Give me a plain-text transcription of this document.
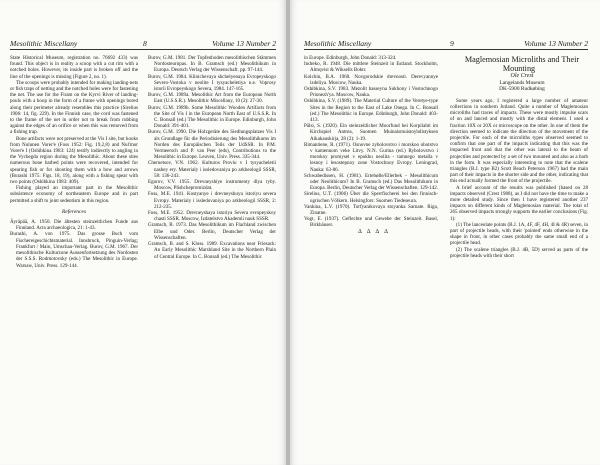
Mesolithic Miscellany	8	Volume 13 Number 2

State Historical Museum, registration no. 76692 433) was found. This object is in reality a scoop with a cut rim with a notched holes. However, its inside part is broken off and the line of the openings is missing (Figure 2, no. 1).

The scoops were probably intended for making landing-nets or fish traps of netting and the notched holes were for fastening the net. The use for the Firam on the Kyrvi River of landing-pouls with a hoop in the form of a frame with openings bored along their perimeter already resembles this practice (Sirelius 1906: 14, fig. 229). In the Finnish case, the cord was fastened to the frame of the net in order not to break from rubbing against the edges of an orifice or when this was removed from a fishing trap.

Bone artifacts were not preserved at the Vis I site, but hooks from Nulunen Vorer'e (Foss 1952: Fig. 19,2,8) and Nul'mor Vorer'e I (Oshibkina 1983: 124) testify indirectly to angling in the Vychegda region during the Mesolithic. About these sites numerous bone barbed points were recovered, intended for spearing fish or for shooting them with a bow and arrows (Burashi 1975: Figs. 18, 19), along with a fishing spear with two points (Oshibkina 1983: 409).

Fishing played an important part in the Mesolithic subsistence economy of northeastern Europe and in part permitted a shift to joint sedentism in this region.

References

Äyräpää, A. 1950. Die ältesten steinzeitlichen Funde aus Finnland. Acta archaeologica, 21: 1-43.

Burashi, A. von 1975. Das grosse Buch vom Fischereigeschichtsmaterial. Innsbruck, Pinguin-Verlag; Frankfurt / Main, Umschau-Verlag. Burov, G.M. 1967. Der mesolithische Kulturzone Aussenfortsetzung des Nordosten der S.S.S. Rodmotovsky (eds.) The Mesolithic in Europe. Warsaw, Univ. Press. 129-144.

Burov, G.M. 1981. Der Topfenboden mesolithischen Stämmen Nordosteuropas. In B. Gramsch (ed.) Mesolithikum in Europa. Deutsch Verlag der Wissenschaft. pp. 97-144.

Burov, G.M. 1984. Klinichevaya shchelyenaya Evropeyskogo Severo-Vostoka v neolite I tysyacheletiya n.e. Voprosy istorii Evropeyskogo Severa, 1984. 147-165.

Burov, G.M. 1989a. Mesolithic Art from the European North East (U.S.S.R.). Mesolithic Miscellany, 10 (2): 27-30.

Burov, G.M. 1989b. Some Mesolithic Wooden Artifacts from the Site of Vis I in the European North East of U.S.S.R. In C. Bonsall (ed.) The Mesolithic in Europe. Edinburgh, John Donald: 391-401.

Burov, G.M. 1990. Die Holzgeräte des Siedlungsplatzes Vis I als Grundlage für die Periodisierung des Mesolithikums im Norden des Europäischen Teils der UdSSR. In P.M. Vermeersch and P. van Peer (eds), Contributions to the Mesolithic in Europe. Leuven, Univ. Press. 335-344.

Chernetsov, V.N. 1962. Kulturos Proviu v I tysyacheletii nashey ery. Materialy i issledovaniya po arkheologii SSSR, 58: 136-243.

Egorov, V.V. 1955. Drevneyshiye instrumenty dlya ryby. Moscow, Plishchepromizdat.

Foss, M.E. 1941. Kostyanye i drevneyshuyu istoriyu severa Evropy. Materialy i issledovaniya po arkheologii SSSR, 2: 212-235.

Foss, M.E. 1952. Drevneyshaya istoriya Severa evropeyskoy chasti SSSR. Moscow, Izdatelstvo Akademii nauk SSSR.

Gramsch, B. 1973. Das Mesolithikum im Flachland zwischen Elbe und Oder. Berlin, Deutscher Verlag der Wissenschaften.

Gramsch, B. and S. Kloss. 1989. Excavations near Friesack: An Early Mesolithic Marshland Site in the Northern Plain of Central Europe. In C. Bonsall (ed.) The Mesolithic

Mesolithic Miscellany	9	Volume 13 Number 2

in Europe. Edinburgh, John Donald: 313-324.

Indreko, R. 1948. Die mittlere Steinzeit in Estland. Stockholm, Almqvist & Wiksells Boktr.

Kolchin, B.A. 1968. Novgorodskie drevnosti. Derevyannye izdeliya. Moscow, Nauka.

Oshibkina, S.V. 1983. Mezolit basseyna Sukhony i Vostochnogo Prionezh'ya. Moscow, Nauka.

Oshibkina, S.V. (1989). The Material Culture of the Veretye-type Sites in the Region to the East of Lake Onega. In C. Bonsall (ed.) The Mesolithic in Europe. Edinburgh, John Donald: 403-413.

Pälsi, S. (1920). Ein steinzeitlicher Moorfund bei Korpilahti im Kirchspiel Antrea, Suomen Muinaismuistoyhdistyksen Aikakauskirja, 28 (2): 1-19.

Rimantiene, R. (1971). Osnovne zybolovstvo i morskoo ohotstvo v kamennom veke Litvy. N.N. Gurina (ed.) Rybolovstvo i morskoy promysel v epokhu neolita - tamnego metalla v lesnoy i lesostepnoy zone Vostochnoy Evropy. Leningrad, Nauka: 63-86.

Schwabedissen, H. (1981). Ertebølle/Ellerbek - Mesolithicum oder Neolithicum? In B. Gramsch (ed.) Das Mesolithikum in Europa. Berlin, Deutscher Verlag der Wissenschaften. 129-142.

Sirelius, U.T. (1906) Über die Sperrfischerei bei den finnisch-ugrischen Völkern. Helsingfors: Suomen Tiedeseura.

Vankina, L.V. (1970). Torfyanikovaya stoyanka Sarnate. Riga, Zinatne.

Vogt, E. (1937). Geflechte und Gewebe der Steinzeit. Basel, Birkhäuser.

Δ Δ Δ Δ

Maglemosian Microliths and Their Mounting

Ole Crest

Langelands Museum

DK-5900 Rudkøbing

Some years ago, I registered a large number of amateur collections in southern Jutland. Quite a number of Maglemosian microliths had traces of impacts. These were mostly impulse scars of on and lanced and mostly with the distal element. I used a fraction 10X or 20X or microscope on the other. In one of them the direction seemed to indicate the direction of the movement of the projectile. For each of the microliths types observed seemed to confirm that one part of the impacts indicating that this was the impacted front and that the other was lateral to the beam of projectiles and protected by a set of two mounted and also as a barb in the form. It was especially interesting to note that the scalene triangles (B.J. type B2) Scott Beach Peterson 1967) had the main part of their impacts in the shorter side and the other, indicating that this end actually formed the front of the projectile.

A brief account of the results was published (based on 28 impacts observed (Crest 1988), as I did not have the time to make a more detailed study. Since then I have registered another 237 impacts on different kinds of Maglemosian material. The total of 265 observed impacts strongly supports the earlier conclusions (Fig. 1):

(1) The lanceolate points (B.J. 1A, 4F, 4F, 4H, 4I & 4R) seven, in part of projectile heads, with their 'pointed' ends otherwise in the shape in front, in other cases probably the same small end of a projectile head.

(2) The scalene triangles (B.J. 4B, 5D) served as parts of the projectile heads with their short
